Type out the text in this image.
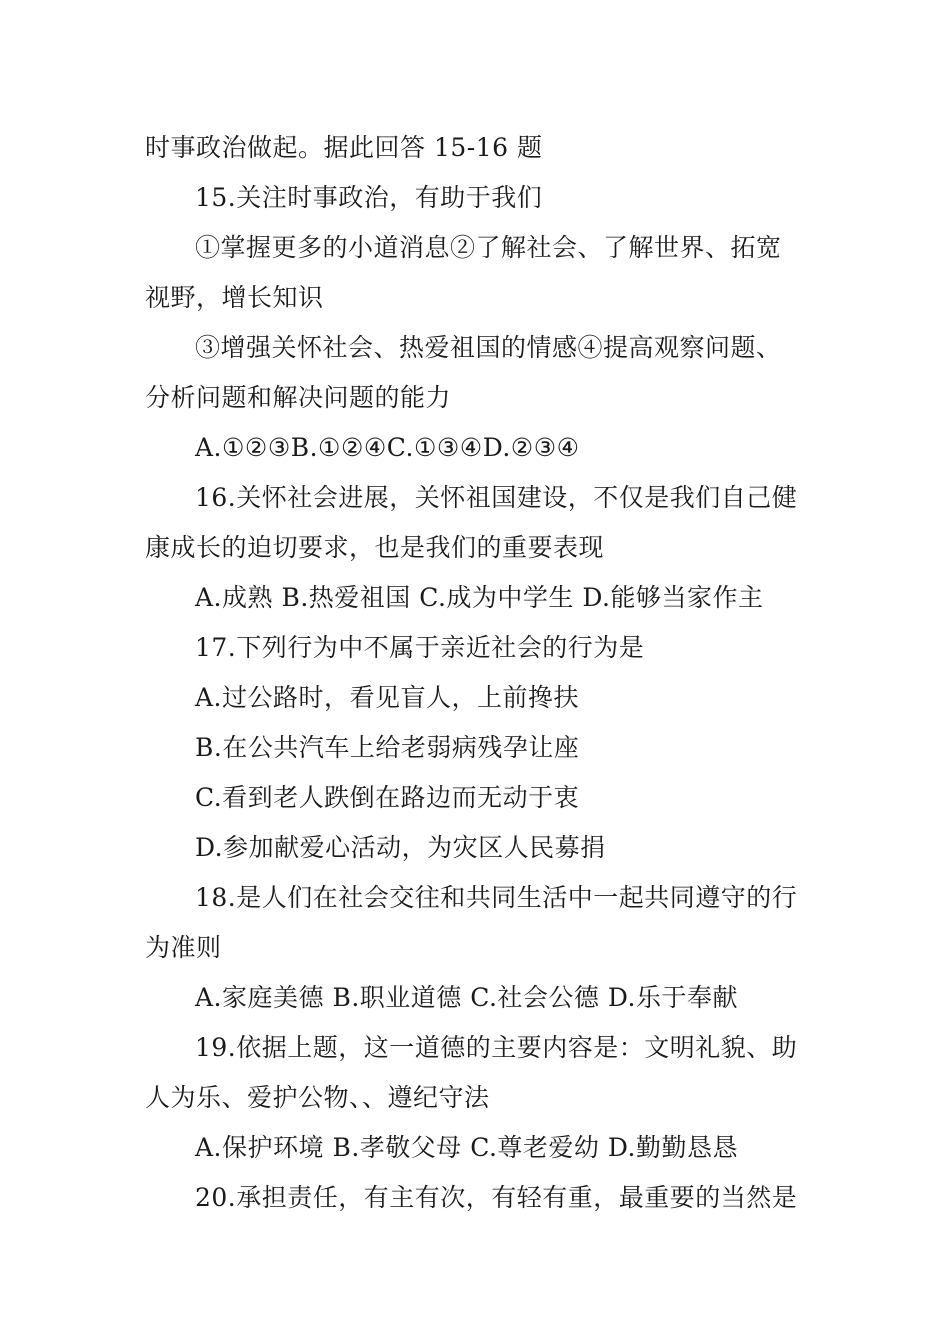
时事政治做起。据此回答 15-16 题
15.关注时事政治，有助于我们
①掌握更多的小道消息②了解社会、了解世界、拓宽
视野，增长知识
③增强关怀社会、热爱祖国的情感④提高观察问题、
分析问题和解决问题的能力
A.①②③B.①②④C.①③④D.②③④
16.关怀社会进展，关怀祖国建设，不仅是我们自己健
康成长的迫切要求，也是我们的重要表现
A.成熟 B.热爱祖国 C.成为中学生 D.能够当家作主
17.下列行为中不属于亲近社会的行为是
A.过公路时，看见盲人，上前搀扶
B.在公共汽车上给老弱病残孕让座
C.看到老人跌倒在路边而无动于衷
D.参加献爱心活动，为灾区人民募捐
18.是人们在社会交往和共同生活中一起共同遵守的行
为准则
A.家庭美德 B.职业道德 C.社会公德 D.乐于奉献
19.依据上题，这一道德的主要内容是：文明礼貌、助
人为乐、爱护公物、、遵纪守法
A.保护环境 B.孝敬父母 C.尊老爱幼 D.勤勤恳恳
20.承担责任，有主有次，有轻有重，最重要的当然是
